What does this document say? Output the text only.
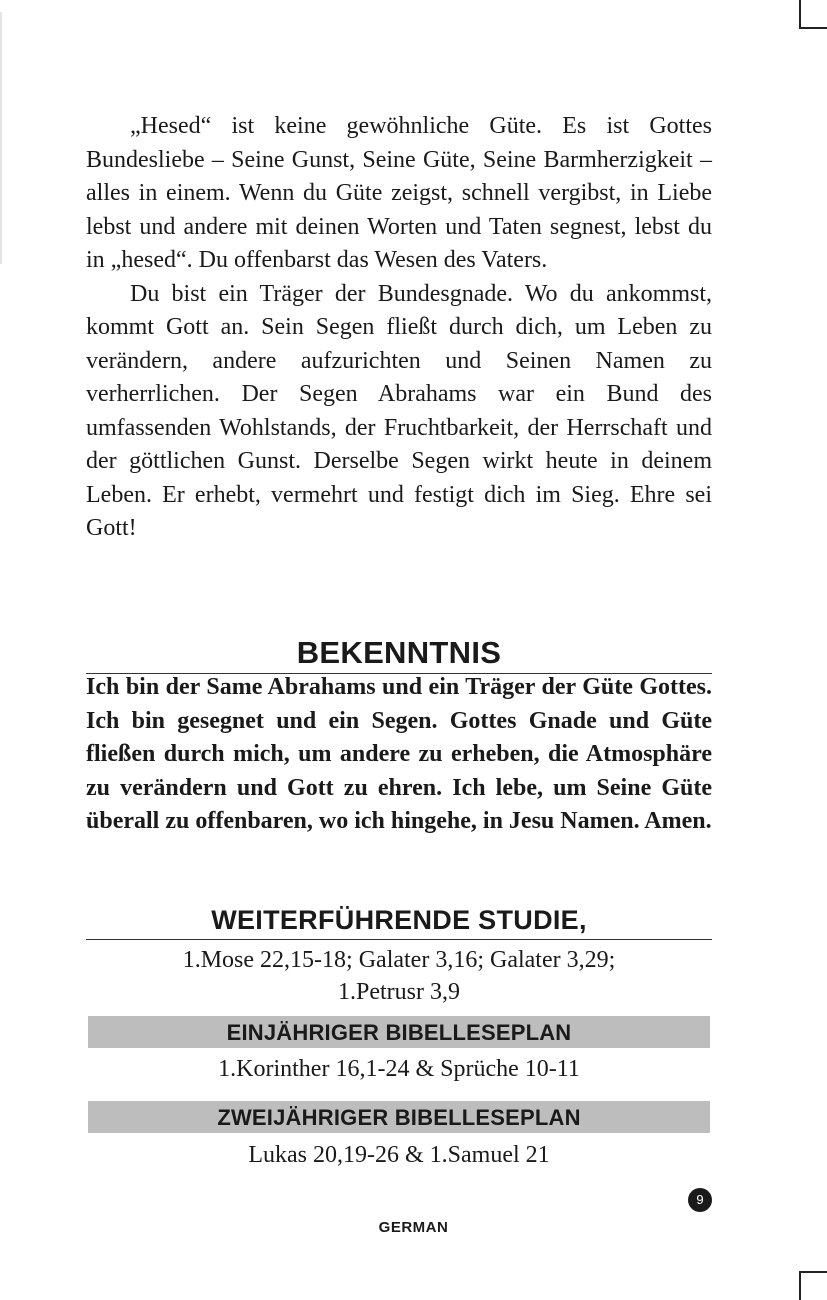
„Hesed“ ist keine gewöhnliche Güte. Es ist Gottes Bundesliebe – Seine Gunst, Seine Güte, Seine Barmherzigkeit – alles in einem. Wenn du Güte zeigst, schnell vergibst, in Liebe lebst und andere mit deinen Worten und Taten segnest, lebst du in „hesed“. Du offenbarst das Wesen des Vaters.

Du bist ein Träger der Bundesgnade. Wo du ankommst, kommt Gott an. Sein Segen fließt durch dich, um Leben zu verändern, andere aufzurichten und Seinen Namen zu verherrlichen. Der Segen Abrahams war ein Bund des umfassenden Wohlstands, der Fruchtbarkeit, der Herrschaft und der göttlichen Gunst. Derselbe Segen wirkt heute in deinem Leben. Er erhebt, vermehrt und festigt dich im Sieg. Ehre sei Gott!

BEKENNTNIS

Ich bin der Same Abrahams und ein Träger der Güte Gottes. Ich bin gesegnet und ein Segen. Gottes Gnade und Güte fließen durch mich, um andere zu erheben, die Atmosphäre zu verändern und Gott zu ehren. Ich lebe, um Seine Güte überall zu offenbaren, wo ich hingehe, in Jesu Namen. Amen.

WEITERFÜHRENDE STUDIE,
1.Mose 22,15-18; Galater 3,16; Galater 3,29;
1.Petrusr 3,9
EINJÄHRIGER BIBELLESEPLAN
1.Korinther 16,1-24 & Sprüche 10-11
ZWEIJÄHRIGER BIBELLESEPLAN
Lukas 20,19-26 & 1.Samuel 21
9
GERMAN
